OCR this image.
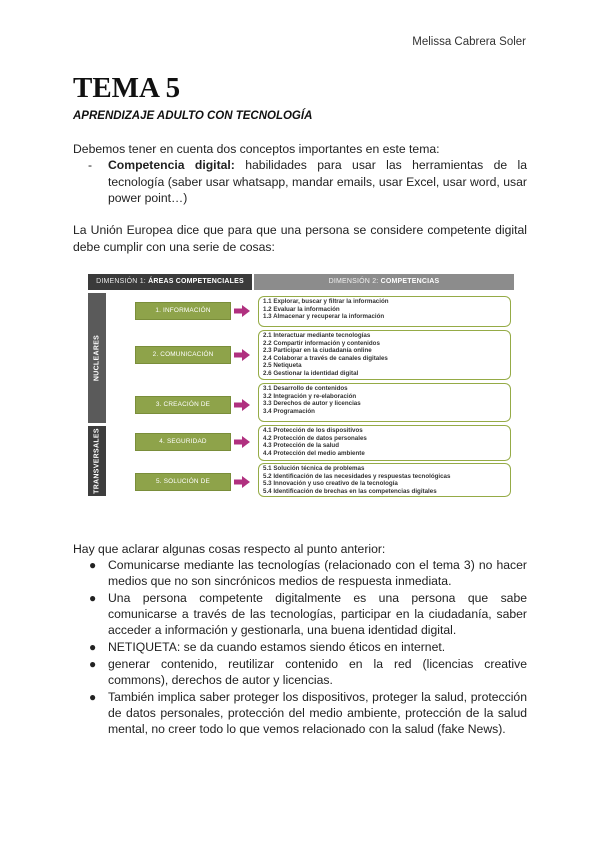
Melissa Cabrera Soler
TEMA 5
APRENDIZAJE ADULTO CON TECNOLOGÍA
Debemos tener en cuenta dos conceptos importantes en este tema:
- Competencia digital: habilidades para usar las herramientas de la tecnología (saber usar whatsapp, mandar emails, usar Excel, usar word, usar power point…)
La Unión Europea dice que para que una persona se considere competente digital debe cumplir con una serie de cosas:
DIMENSIÓN 1: ÁREAS COMPETENCIALES	DIMENSIÓN 2: COMPETENCIAS
NUCLEARES
TRANSVERSALES
1. INFORMACIÓN
1.1 Explorar, buscar y filtrar la información
1.2 Evaluar la información
1.3 Almacenar y recuperar la información
2. COMUNICACIÓN
2.1 Interactuar mediante tecnologías
2.2 Compartir información y contenidos
2.3 Participar en la ciudadanía online
2.4 Colaborar a través de canales digitales
2.5 Netiqueta
2.6 Gestionar la identidad digital
3. CREACIÓN DE CONTENIDO
3.1 Desarrollo de contenidos
3.2 Integración y re-elaboración
3.3 Derechos de autor y licencias
3.4 Programación
4. SEGURIDAD
4.1 Protección de los dispositivos
4.2 Protección de datos personales
4.3 Protección de la salud
4.4 Protección del medio ambiente
5. SOLUCIÓN DE PROBLEMAS
5.1 Solución técnica de problemas
5.2 Identificación de las necesidades y respuestas tecnológicas
5.3 Innovación y uso creativo de la tecnología
5.4 Identificación de brechas en las competencias digitales
Hay que aclarar algunas cosas respecto al punto anterior:
● Comunicarse mediante las tecnologías (relacionado con el tema 3) no hacer medios que no son sincrónicos medios de respuesta inmediata.
● Una persona competente digitalmente es una persona que sabe comunicarse a través de las tecnologías, participar en la ciudadanía, saber acceder a información y gestionarla, una buena identidad digital.
● NETIQUETA: se da cuando estamos siendo éticos en internet.
● generar contenido, reutilizar contenido en la red (licencias creative commons), derechos de autor y licencias.
● También implica saber proteger los dispositivos, proteger la salud, protección de datos personales, protección del medio ambiente, protección de la salud mental, no creer todo lo que vemos relacionado con la salud (fake News).
